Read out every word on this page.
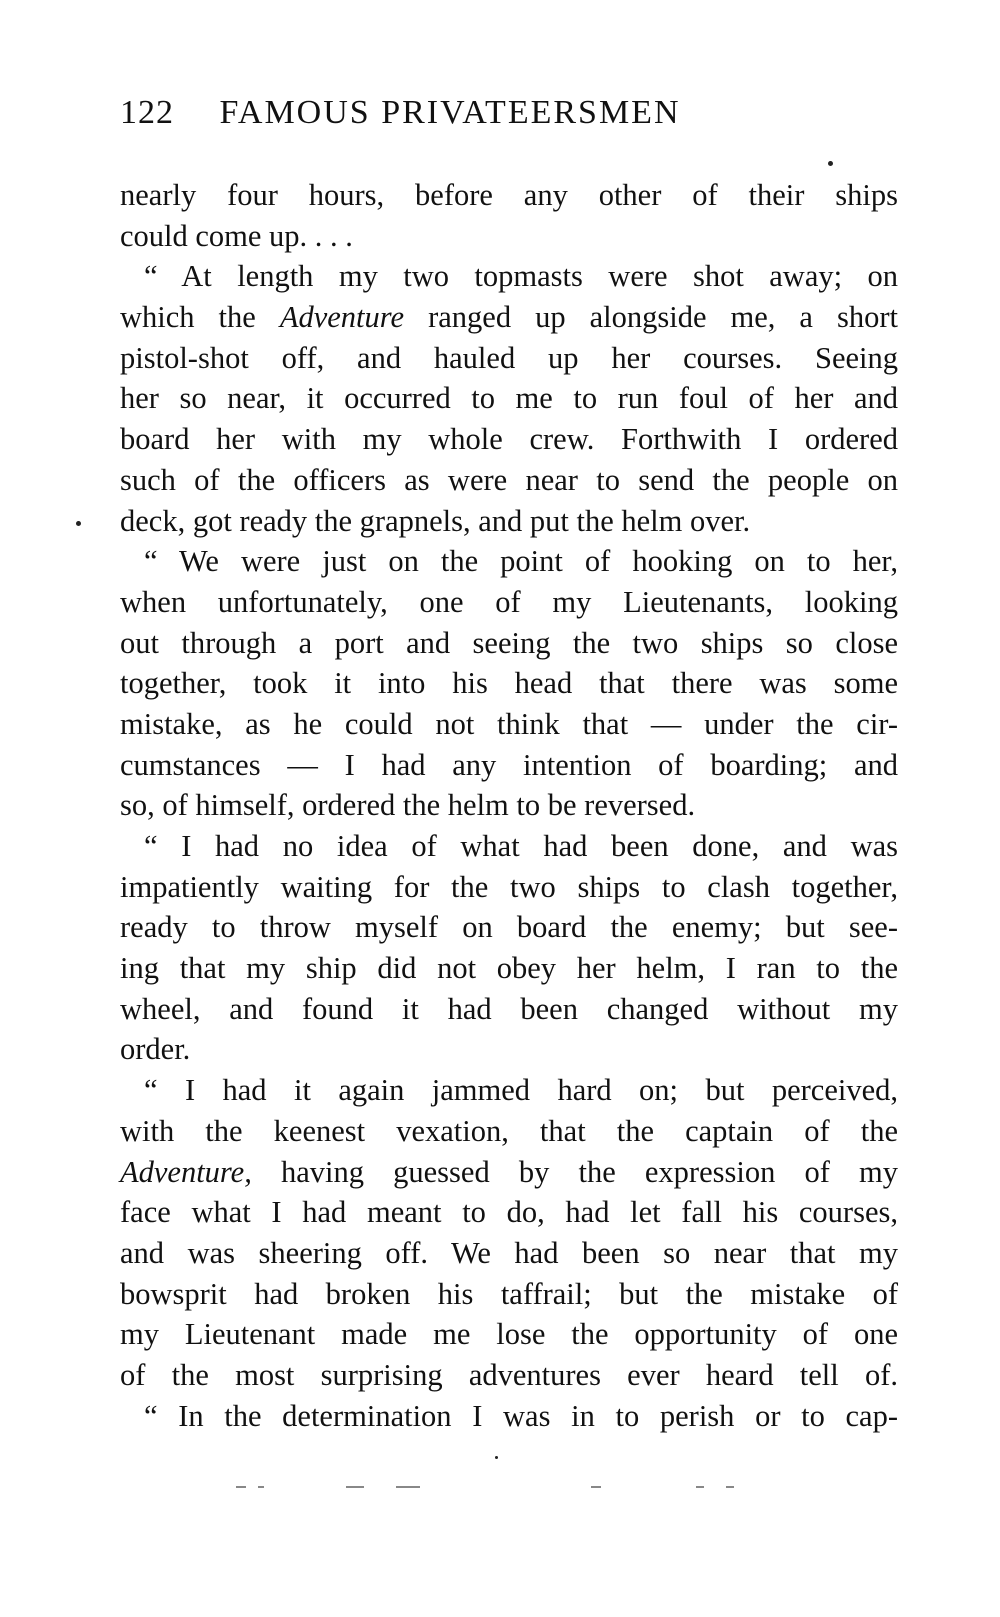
122 FAMOUS PRIVATEERSMEN
nearly four hours, before any other of their ships
could come up. . . .
“ At length my two topmasts were shot away; on
which the Adventure ranged up alongside me, a short
pistol-shot off, and hauled up her courses. Seeing
her so near, it occurred to me to run foul of her and
board her with my whole crew. Forthwith I ordered
such of the officers as were near to send the people on
deck, got ready the grapnels, and put the helm over.
“ We were just on the point of hooking on to her,
when unfortunately, one of my Lieutenants, looking
out through a port and seeing the two ships so close
together, took it into his head that there was some
mistake, as he could not think that — under the cir-
cumstances — I had any intention of boarding; and
so, of himself, ordered the helm to be reversed.
“ I had no idea of what had been done, and was
impatiently waiting for the two ships to clash together,
ready to throw myself on board the enemy; but see-
ing that my ship did not obey her helm, I ran to the
wheel, and found it had been changed without my
order.
“ I had it again jammed hard on; but perceived,
with the keenest vexation, that the captain of the
Adventure, having guessed by the expression of my
face what I had meant to do, had let fall his courses,
and was sheering off. We had been so near that my
bowsprit had broken his taffrail; but the mistake of
my Lieutenant made me lose the opportunity of one
of the most surprising adventures ever heard tell of.
“ In the determination I was in to perish or to cap-
